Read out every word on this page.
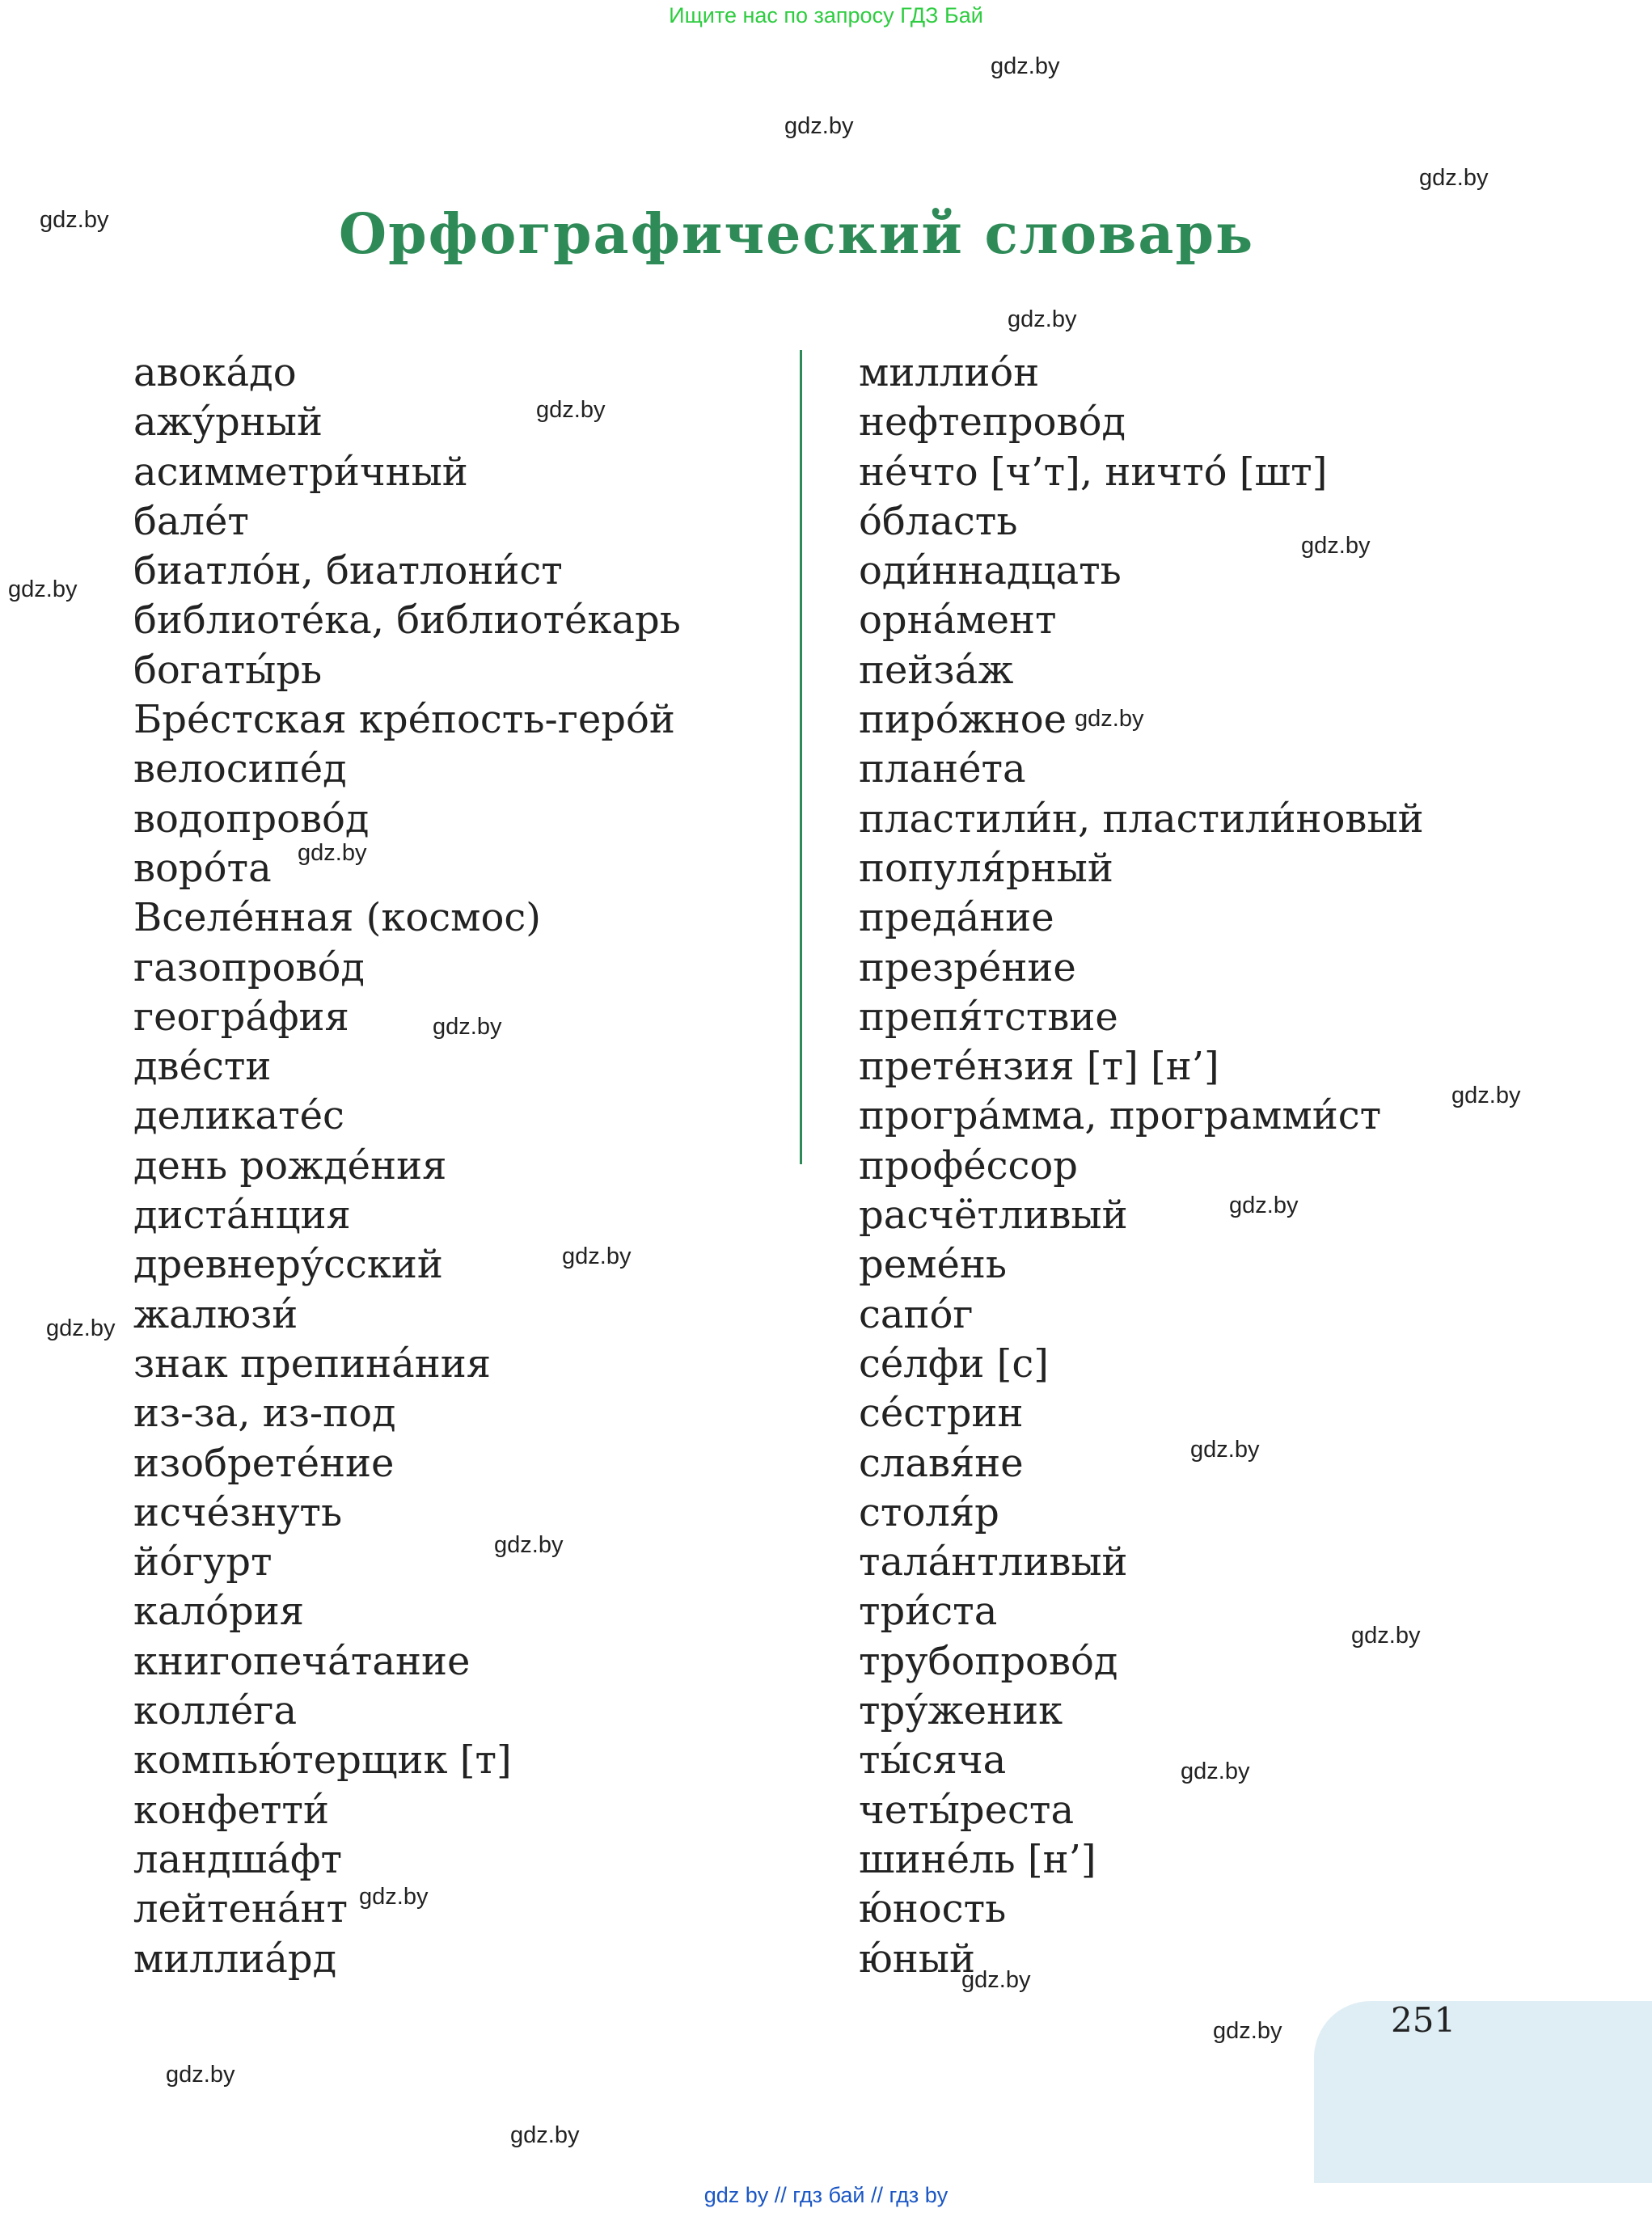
Ищите нас по запросу ГДЗ Бай
Орфографический словарь
авока́до
ажу́рный
асимметри́чный
бале́т
биатло́н, биатлони́ст
библиоте́ка, библиоте́карь
богаты́рь
Бре́стская кре́пость-геро́й
велосипе́д
водопрово́д
воро́та
Вселе́нная (космос)
газопрово́д
геогра́фия
две́сти
деликате́с
день рожде́ния
диста́нция
древнеру́сский
жалюзи́
знак препина́ния
из-за, из-под
изобрете́ние
исче́знуть
йо́гурт
кало́рия
книгопеча́тание
колле́га
компью́терщик [т]
конфетти́
ландша́фт
лейтена́нт
миллиа́рд
миллио́н
нефтепрово́д
не́что [ч’т], ничто́ [шт]
о́бласть
оди́ннадцать
орна́мент
пейза́ж
пиро́жное
плане́та
пластили́н, пластили́новый
популя́рный
преда́ние
презре́ние
препя́тствие
прете́нзия [т] [н’]
програ́мма, программи́ст
профе́ссор
расчётливый
реме́нь
сапо́г
се́лфи [с]
се́стрин
славя́не
столя́р
тала́нтливый
три́ста
трубопрово́д
тру́женик
ты́сяча
четы́реста
шине́ль [н’]
ю́ность
ю́ный
gdz.by
gdz.by
gdz.by
gdz.by
gdz.by
gdz.by
gdz.by
gdz.by
gdz.by
gdz.by
gdz.by
gdz.by
gdz.by
gdz.by
gdz.by
gdz.by
gdz.by
gdz.by
gdz.by
gdz.by
gdz.by
gdz.by
gdz.by
gdz.by
251
gdz by // гдз бай // гдз by
